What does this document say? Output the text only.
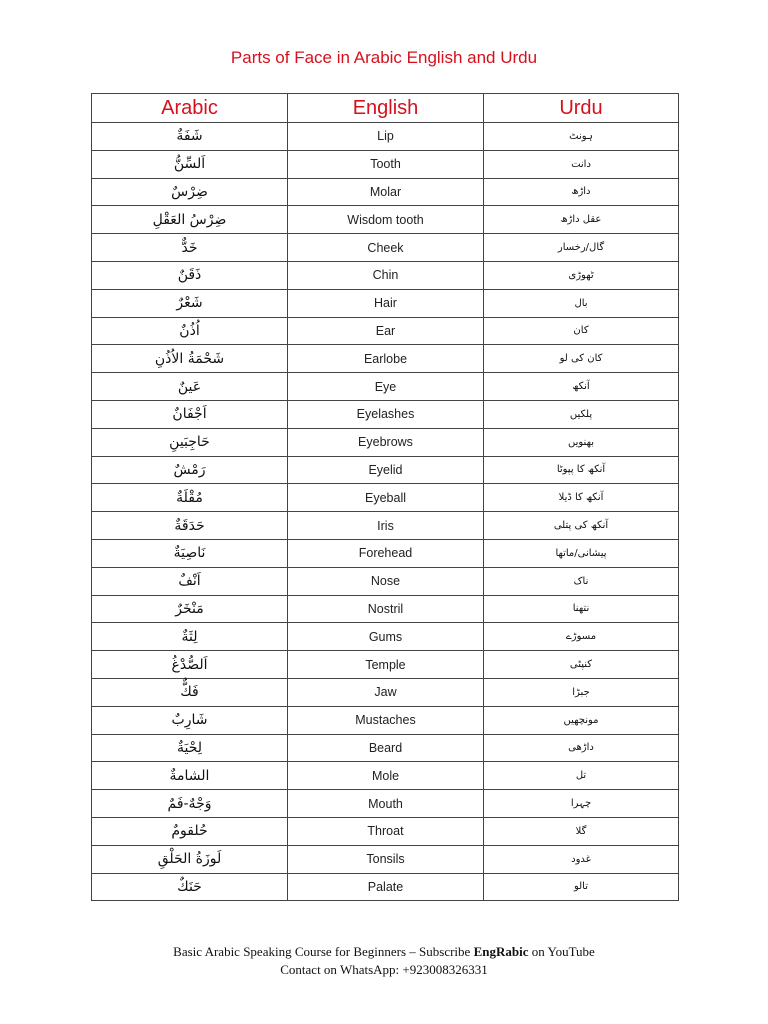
Parts of Face in Arabic English and Urdu
Arabic	English	Urdu
شَفَةٌ	Lip	ہونٹ
اَلسِّنُّ	Tooth	دانت
ضِرْسٌ	Molar	داڑھ
ضِرْسُ العَقْلِ	Wisdom tooth	عقل داڑھ
خَدٌّ	Cheek	گال/رخسار
ذَقَنٌ	Chin	ٹھوڑی
شَعْرٌ	Hair	بال
اُذُنٌ	Ear	کان
شَحْمَةُ الاُذُنِ	Earlobe	کان کی لو
عَينٌ	Eye	آنکھ
اَجْفَانٌ	Eyelashes	پلکیں
حَاجِبَينِ	Eyebrows	بھنویں
رَمْشٌ	Eyelid	آنکھ کا پپوٹا
مُقْلَةٌ	Eyeball	آنکھ کا ڈیلا
حَدَقَةٌ	Iris	آنکھ کی پتلی
نَاصِيَةٌ	Forehead	پیشانی/ماتھا
اَنْفٌ	Nose	ناک
مَنْخَرٌ	Nostril	نتھنا
لِثَةٌ	Gums	مسوڑے
اَلصُّدْغُ	Temple	کنپٹی
فَكٌّ	Jaw	جبڑا
شَارِبٌ	Mustaches	مونچھیں
لِحْيَةٌ	Beard	داڑھی
الشامةٌ	Mole	تل
وَجْهٌ-فَمٌ	Mouth	چہرا
حُلقومٌ	Throat	گلا
لَوزَةُ الحَلْقِ	Tonsils	غدود
حَنَكٌ	Palate	تالو
Basic Arabic Speaking Course for Beginners – Subscribe EngRabic on YouTube
Contact on WhatsApp: +923008326331
